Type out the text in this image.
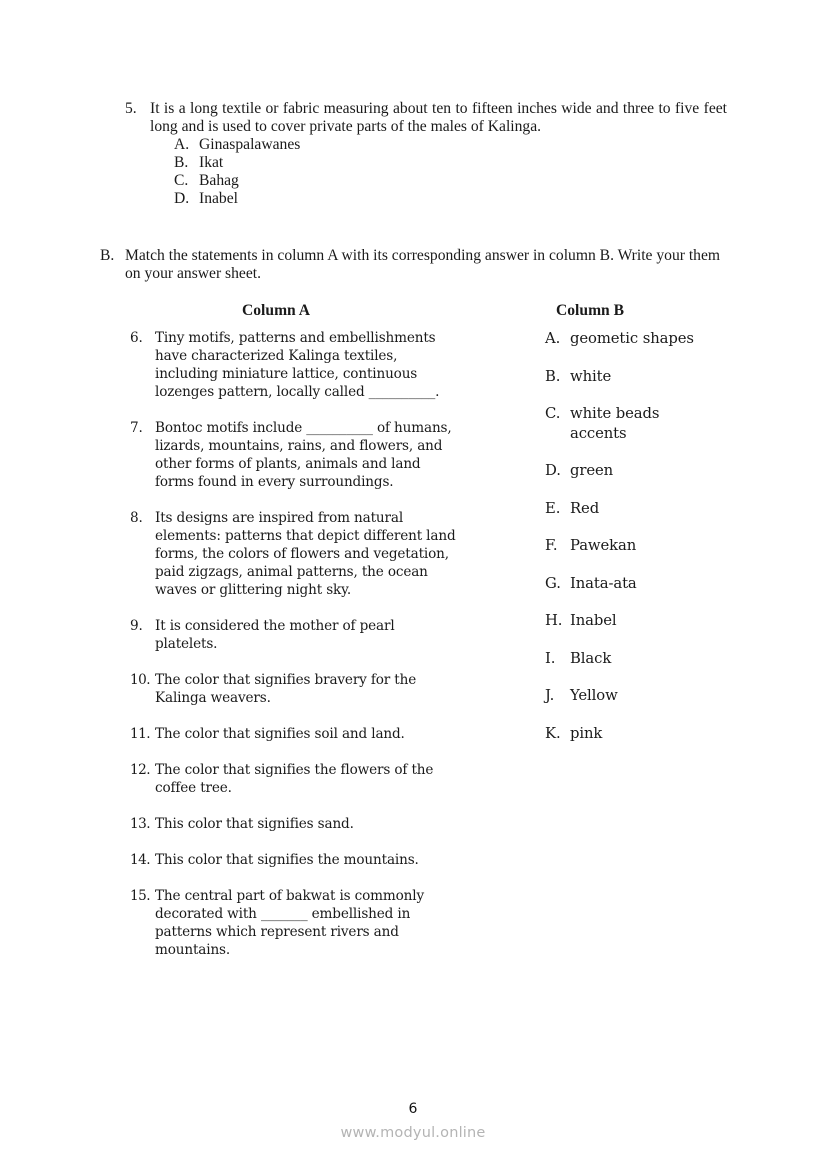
5. It is a long textile or fabric measuring about ten to fifteen inches wide and three to five feet long and is used to cover private parts of the males of Kalinga.
A. Ginaspalawanes
B. Ikat
C. Bahag
D. Inabel
B. Match the statements in column A with its corresponding answer in column B. Write your them on your answer sheet.
Column A	Column B
6. Tiny motifs, patterns and embellishments have characterized Kalinga textiles, including miniature lattice, continuous lozenges pattern, locally called __________.
7. Bontoc motifs include __________ of humans, lizards, mountains, rains, and flowers, and other forms of plants, animals and land forms found in every surroundings.
8. Its designs are inspired from natural elements: patterns that depict different land forms, the colors of flowers and vegetation, paid zigzags, animal patterns, the ocean waves or glittering night sky.
9. It is considered the mother of pearl platelets.
10. The color that signifies bravery for the Kalinga weavers.
11. The color that signifies soil and land.
12. The color that signifies the flowers of the coffee tree.
13. This color that signifies sand.
14. This color that signifies the mountains.
15. The central part of bakwat is commonly decorated with _______ embellished in patterns which represent rivers and mountains.
A. geometic shapes
B. white
C. white beads accents
D. green
E. Red
F. Pawekan
G. Inata-ata
H. Inabel
I. Black
J. Yellow
K. pink
6
www.modyul.online
